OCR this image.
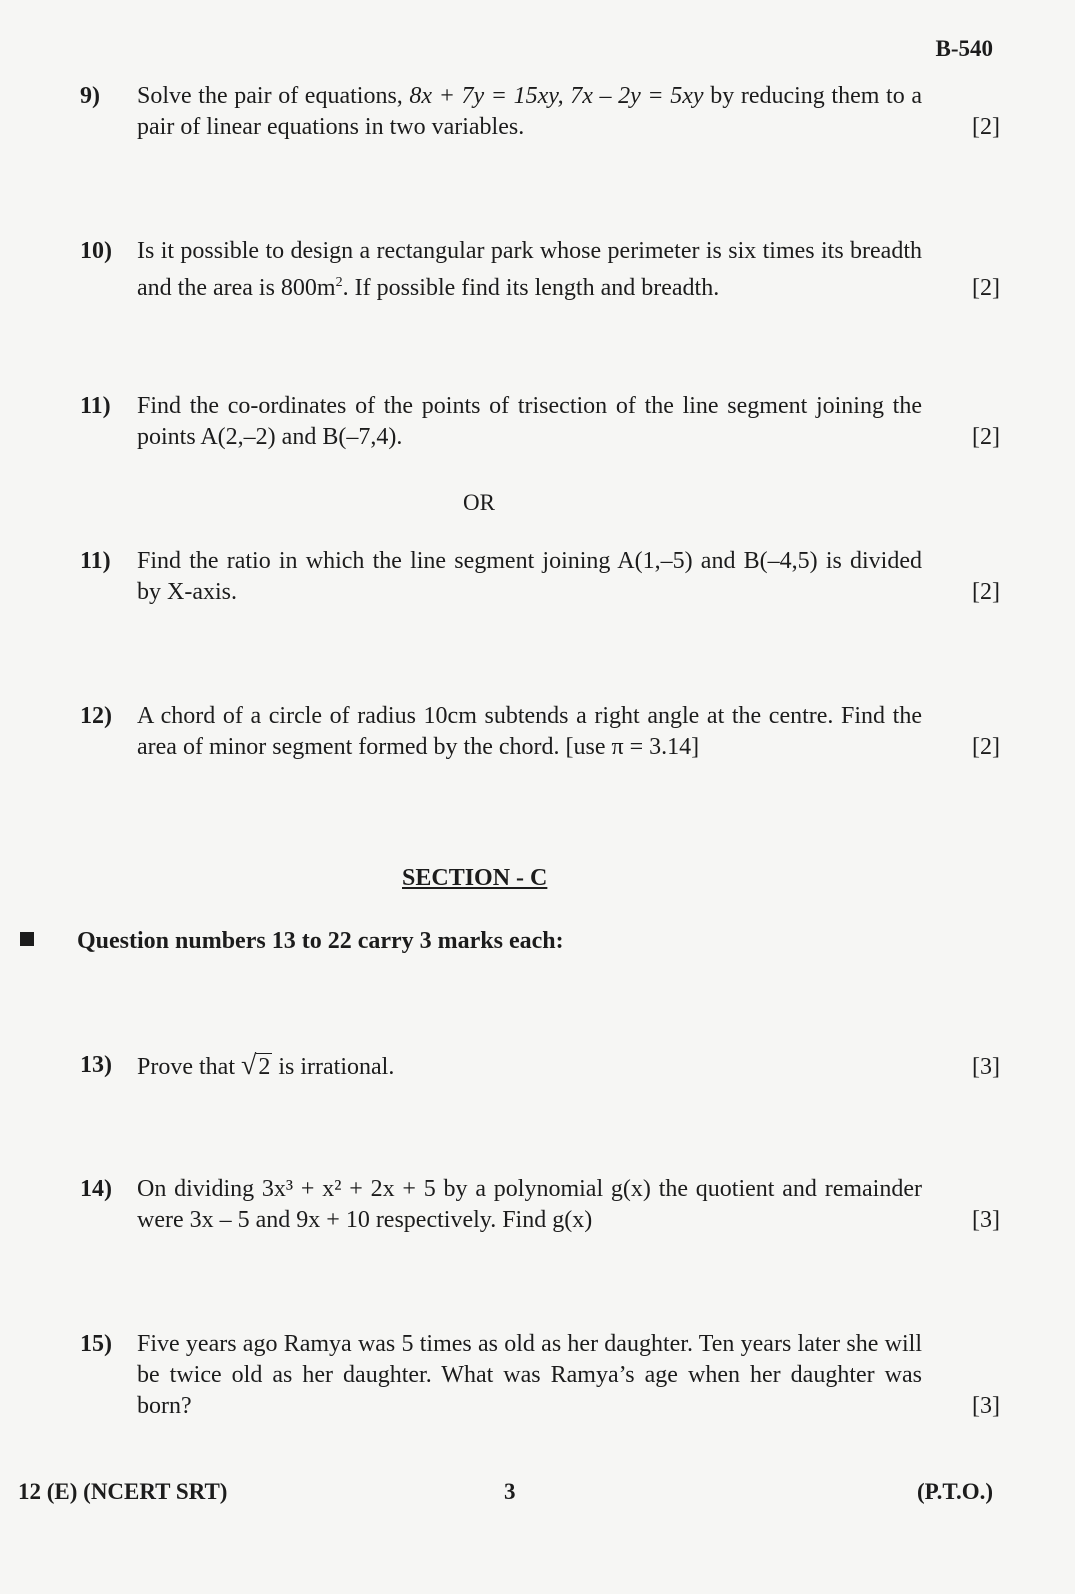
B-540
9) Solve the pair of equations, 8x + 7y = 15xy, 7x – 2y = 5xy by reducing them to a pair of linear equations in two variables.	[2]
10) Is it possible to design a rectangular park whose perimeter is six times its breadth and the area is $800m^2$. If possible find its length and breadth.	[2]
11) Find the co-ordinates of the points of trisection of the line segment joining the points A(2,–2) and B(–7,4).	[2]
OR
11) Find the ratio in which the line segment joining A(1,–5) and B(–4,5) is divided by X-axis.	[2]
12) A chord of a circle of radius 10cm subtends a right angle at the centre. Find the area of minor segment formed by the chord. [use π = 3.14]	[2]
SECTION - C
Question numbers 13 to 22 carry 3 marks each:
13) Prove that √2 is irrational.	[3]
14) On dividing 3x³ + x² + 2x + 5 by a polynomial g(x) the quotient and remainder were 3x – 5 and 9x + 10 respectively. Find g(x)	[3]
15) Five years ago Ramya was 5 times as old as her daughter. Ten years later she will be twice old as her daughter. What was Ramya’s age when her daughter was born?	[3]
12 (E) (NCERT SRT)	3	(P.T.O.)
